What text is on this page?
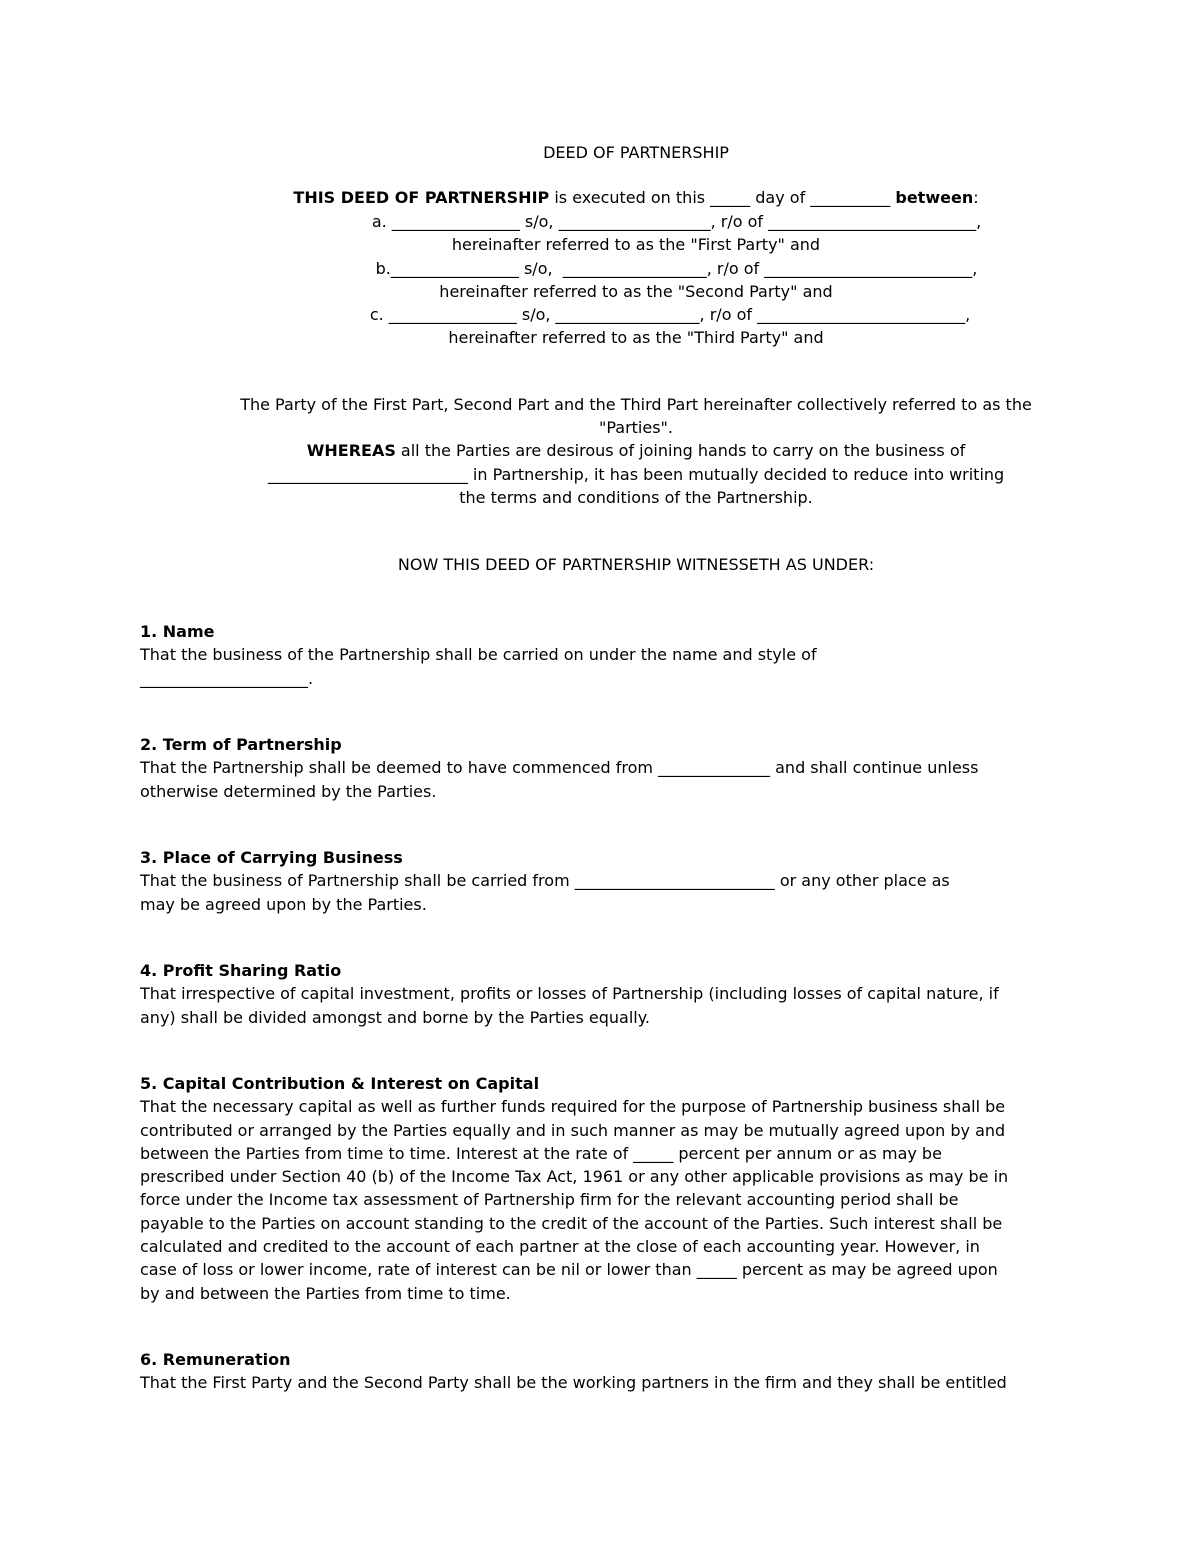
DEED OF PARTNERSHIP
THIS DEED OF PARTNERSHIP is executed on this _____ day of __________ between:
a. ________________ s/o, ___________________, r/o of __________________________,
hereinafter referred to as the "First Party" and
b.________________ s/o,  __________________, r/o of __________________________,
hereinafter referred to as the "Second Party" and
c. ________________ s/o, __________________, r/o of __________________________,
hereinafter referred to as the "Third Party" and
The Party of the First Part, Second Part and the Third Part hereinafter collectively referred to as the
"Parties".
WHEREAS all the Parties are desirous of joining hands to carry on the business of
_________________________ in Partnership, it has been mutually decided to reduce into writing
the terms and conditions of the Partnership.
NOW THIS DEED OF PARTNERSHIP WITNESSETH AS UNDER:
1. Name
That the business of the Partnership shall be carried on under the name and style of
_____________________.
2. Term of Partnership
That the Partnership shall be deemed to have commenced from ______________ and shall continue unless
otherwise determined by the Parties.
3. Place of Carrying Business
That the business of Partnership shall be carried from _________________________ or any other place as
may be agreed upon by the Parties.
4. Profit Sharing Ratio
That irrespective of capital investment, profits or losses of Partnership (including losses of capital nature, if
any) shall be divided amongst and borne by the Parties equally.
5. Capital Contribution & Interest on Capital
That the necessary capital as well as further funds required for the purpose of Partnership business shall be
contributed or arranged by the Parties equally and in such manner as may be mutually agreed upon by and
between the Parties from time to time. Interest at the rate of _____ percent per annum or as may be
prescribed under Section 40 (b) of the Income Tax Act, 1961 or any other applicable provisions as may be in
force under the Income tax assessment of Partnership firm for the relevant accounting period shall be
payable to the Parties on account standing to the credit of the account of the Parties. Such interest shall be
calculated and credited to the account of each partner at the close of each accounting year. However, in
case of loss or lower income, rate of interest can be nil or lower than _____ percent as may be agreed upon
by and between the Parties from time to time.
6. Remuneration
That the First Party and the Second Party shall be the working partners in the firm and they shall be entitled
